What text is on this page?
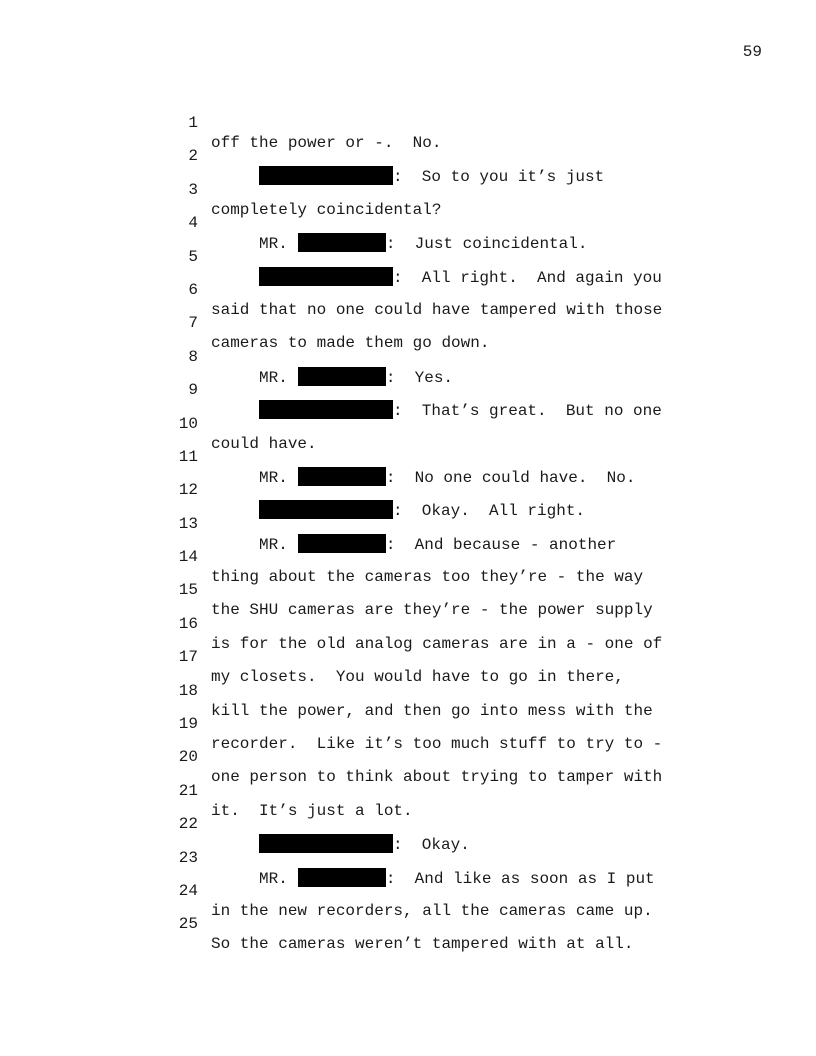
59

1

off the power or -.  No.

2

:  So to you it’s just

3

completely coincidental?

4

MR.	:  Just coincidental.

5

:  All right.  And again you

6

said that no one could have tampered with those

7

cameras to made them go down.

8

MR.	:  Yes.

9

:  That’s great.  But no one

10

could have.

11

MR.	:  No one could have.  No.

12

:  Okay.  All right.

13

MR.	:  And because - another

14

thing about the cameras too they’re - the way

15

the SHU cameras are they’re - the power supply

16

is for the old analog cameras are in a - one of

17

my closets.  You would have to go in there,

18

kill the power, and then go into mess with the

19

recorder.  Like it’s too much stuff to try to -

20

one person to think about trying to tamper with

21

it.  It’s just a lot.

22

:  Okay.

23

MR.	:  And like as soon as I put

24

in the new recorders, all the cameras came up.

25

So the cameras weren’t tampered with at all.
